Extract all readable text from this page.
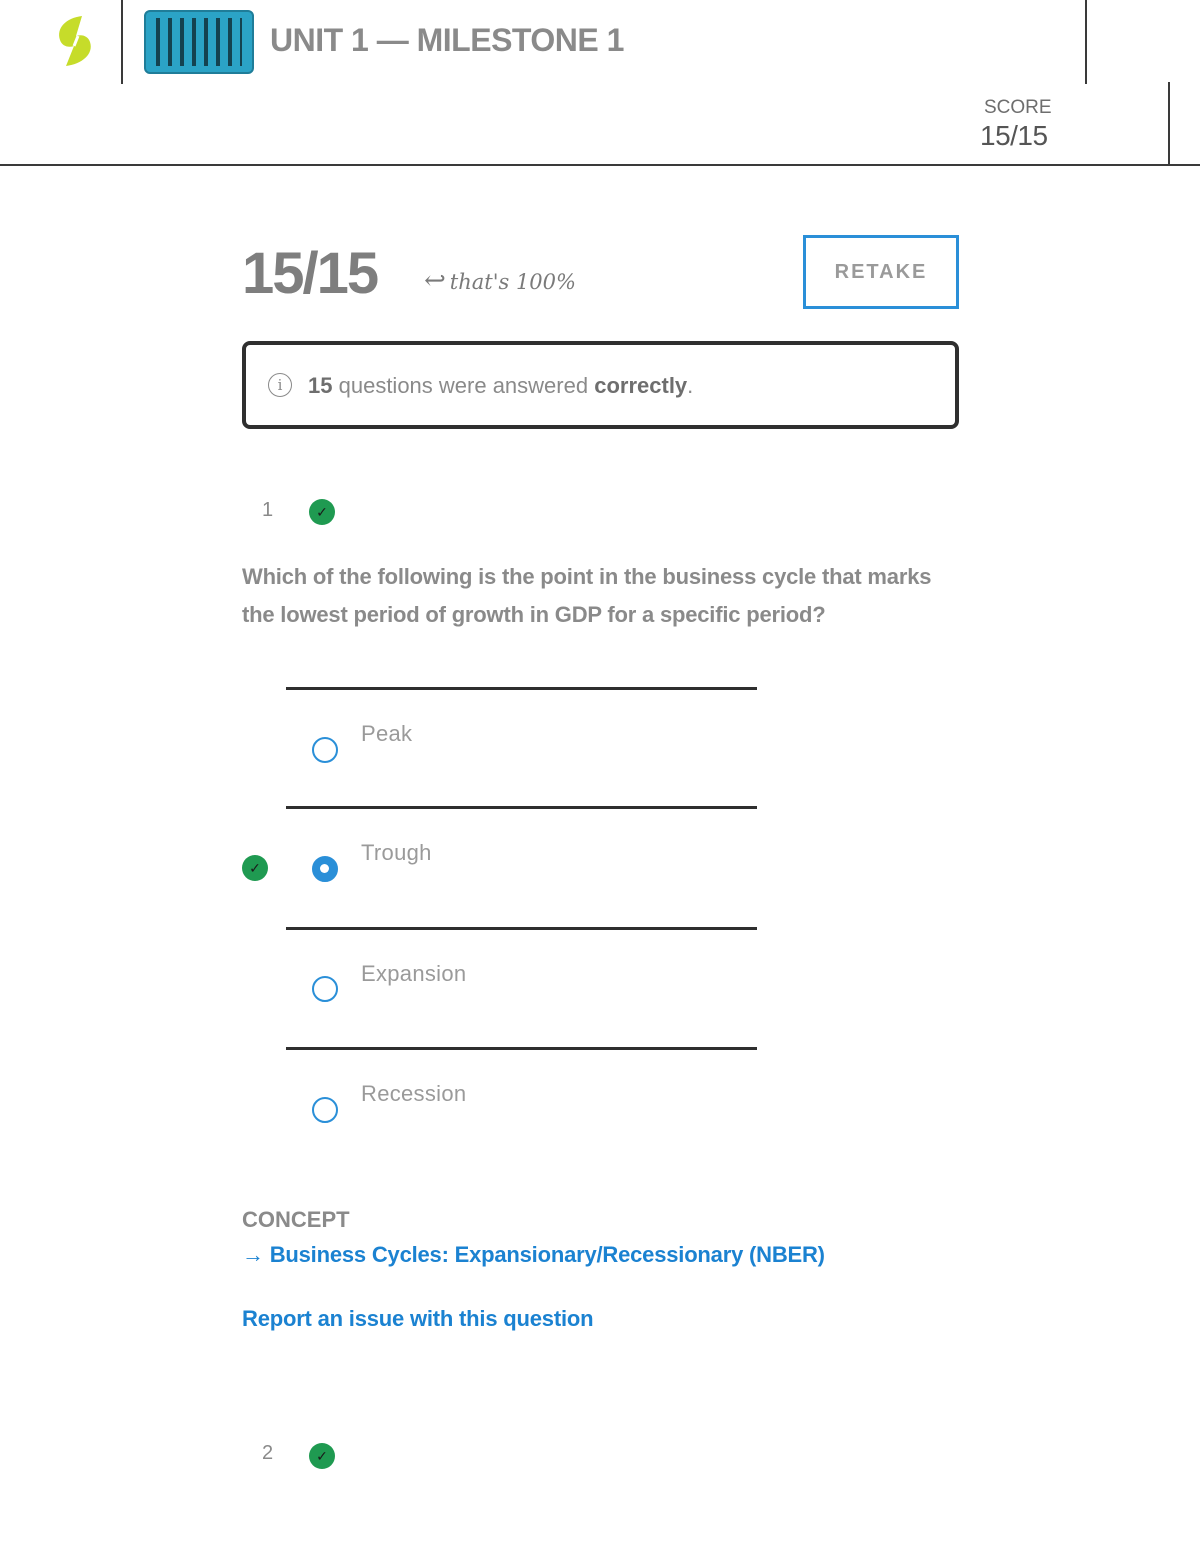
UNIT 1 — MILESTONE 1
SCORE
15/15
15/15 ↩ that's 100%	RETAKE
i	15 questions were answered correctly.
1	✓
Which of the following is the point in the business cycle that marks the lowest period of growth in GDP for a specific period?
Peak
✓
Trough
Expansion
Recession
CONCEPT
→ Business Cycles: Expansionary/Recessionary (NBER)
Report an issue with this question
2	✓
